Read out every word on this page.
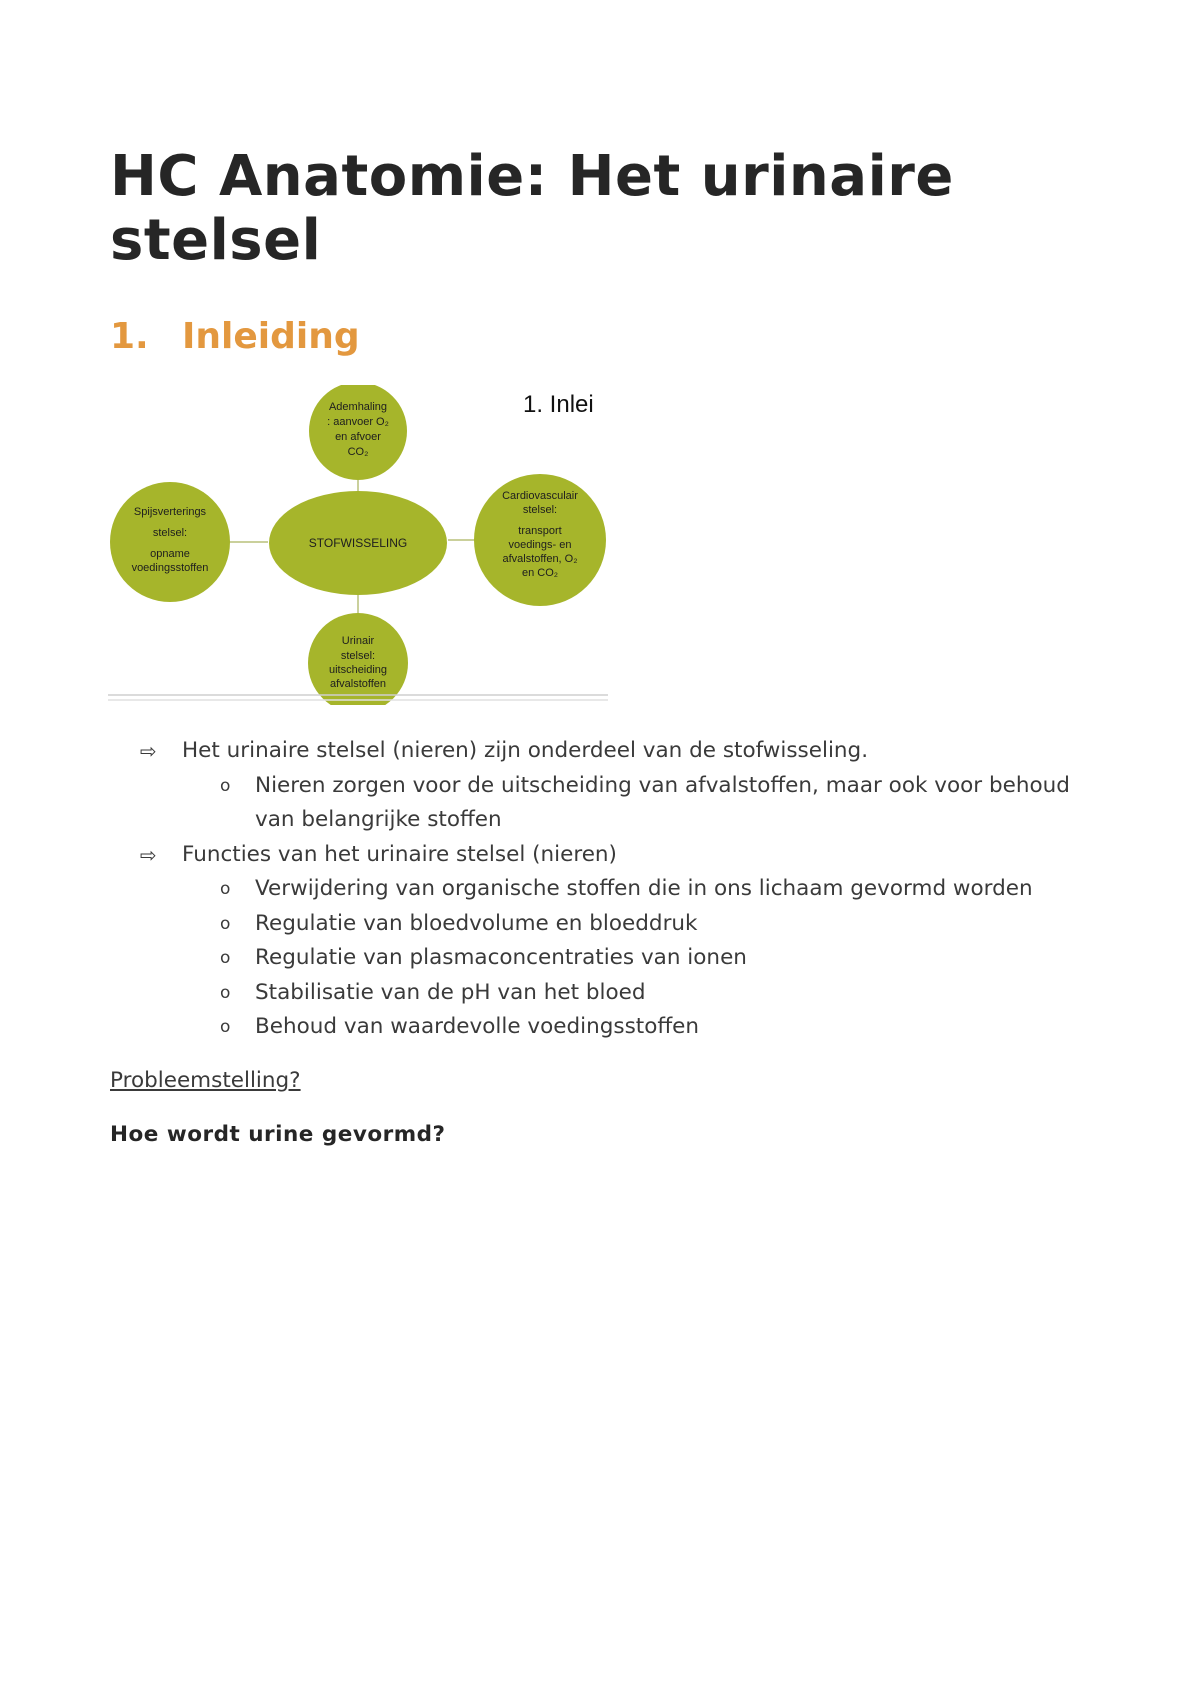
HC Anatomie: Het urinaire stelsel
1. Inleiding
STOFWISSELING
Ademhaling
: aanvoer O₂
en afvoer
CO₂
Cardiovasculair
stelsel:
transport
voedings- en
afvalstoffen, O₂
en CO₂
Spijsverterings
stelsel:
opname
voedingsstoffen
Urinair
stelsel:
uitscheiding
afvalstoffen
1. Inlei
⇨ Het urinaire stelsel (nieren) zijn onderdeel van de stofwisseling.
o Nieren zorgen voor de uitscheiding van afvalstoffen, maar ook voor behoud van belangrijke stoffen
⇨ Functies van het urinaire stelsel (nieren)
o Verwijdering van organische stoffen die in ons lichaam gevormd worden
o Regulatie van bloedvolume en bloeddruk
o Regulatie van plasmaconcentraties van ionen
o Stabilisatie van de pH van het bloed
o Behoud van waardevolle voedingsstoffen
Probleemstelling?
Hoe wordt urine gevormd?
